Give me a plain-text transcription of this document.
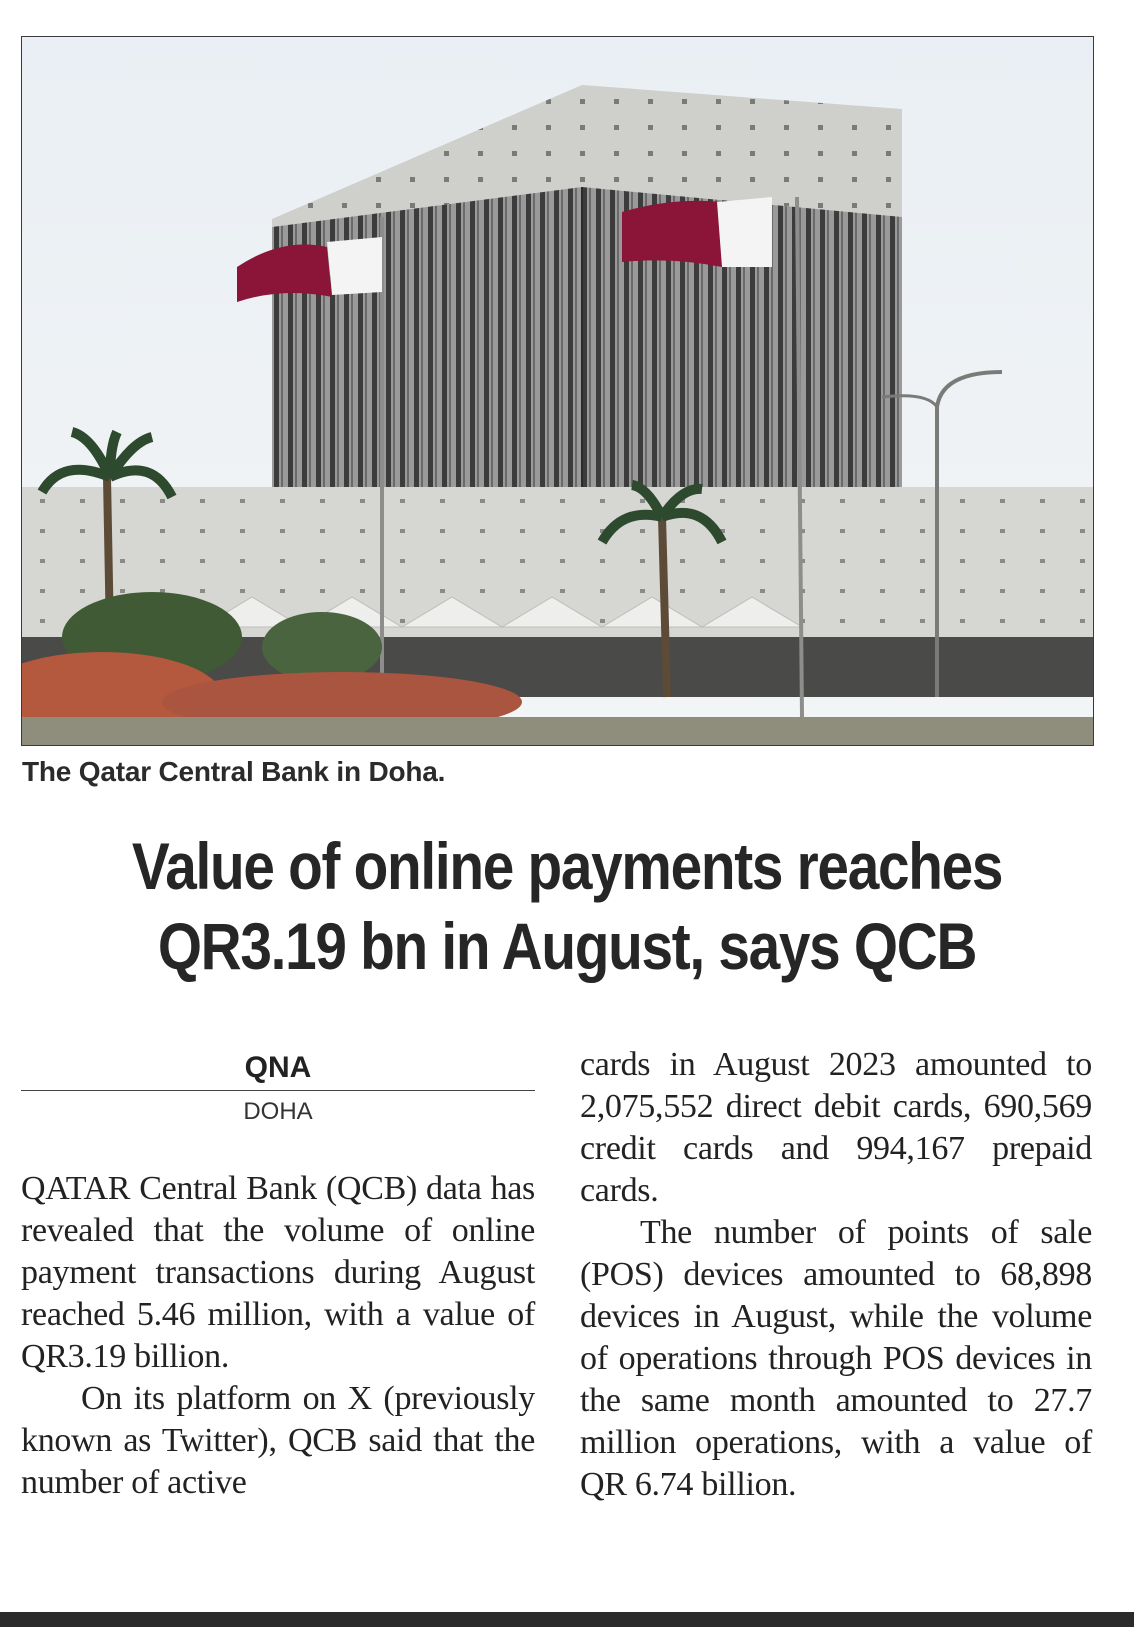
The Qatar Central Bank in Doha.
Value of online payments reaches
QR3.19 bn in August, says QCB
QNA
DOHA

QATAR Central Bank (QCB) data has revealed that the volume of online payment transactions during August reached 5.46 million, with a value of QR3.19 billion.

On its platform on X (previously known as Twitter), QCB said that the number of active

cards in August 2023 amounted to 2,075,552 direct debit cards, 690,569 credit cards and 994,167 prepaid cards.

The number of points of sale (POS) devices amounted to 68,898 devices in August, while the volume of operations through POS devices in the same month amounted to 27.7 million operations, with a value of QR 6.74 billion.
